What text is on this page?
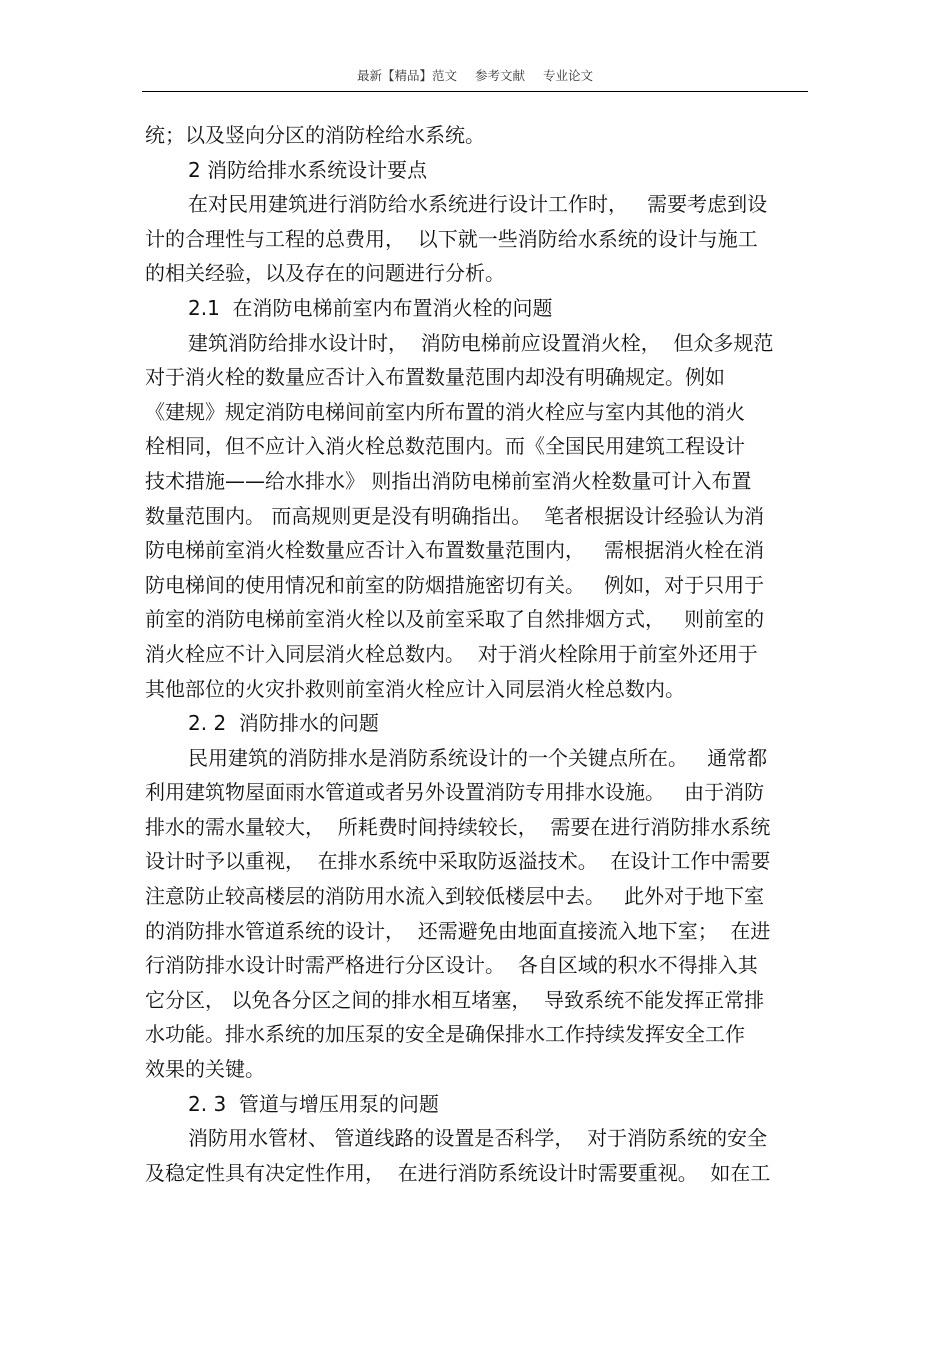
最新【精品】范文 参考文献 专业论文
统；以及竖向分区的消防栓给水系统。
2 消防给排水系统设计要点
在对民用建筑进行消防给水系统进行设计工作时，   需要考虑到设
计的合理性与工程的总费用，  以下就一些消防给水系统的设计与施工
的相关经验，以及存在的问题进行分析。
2.1  在消防电梯前室内布置消火栓的问题
建筑消防给排水设计时，  消防电梯前应设置消火栓，  但众多规范
对于消火栓的数量应否计入布置数量范围内却没有明确规定。例如
《建规》规定消防电梯间前室内所布置的消火栓应与室内其他的消火
栓相同，但不应计入消火栓总数范围内。而《全国民用建筑工程设计
技术措施——给水排水》 则指出消防电梯前室消火栓数量可计入布置
数量范围内。 而高规则更是没有明确指出。  笔者根据设计经验认为消
防电梯前室消火栓数量应否计入布置数量范围内，   需根据消火栓在消
防电梯间的使用情况和前室的防烟措施密切有关。   例如，对于只用于
前室的消防电梯前室消火栓以及前室采取了自然排烟方式，   则前室的
消火栓应不计入同层消火栓总数内。  对于消火栓除用于前室外还用于
其他部位的火灾扑救则前室消火栓应计入同层消火栓总数内。
2. 2  消防排水的问题
民用建筑的消防排水是消防系统设计的一个关键点所在。   通常都
利用建筑物屋面雨水管道或者另外设置消防专用排水设施。   由于消防
排水的需水量较大，  所耗费时间持续较长，  需要在进行消防排水系统
设计时予以重视，  在排水系统中采取防返溢技术。  在设计工作中需要
注意防止较高楼层的消防用水流入到较低楼层中去。   此外对于地下室
的消防排水管道系统的设计，  还需避免由地面直接流入地下室；  在进
行消防排水设计时需严格进行分区设计。  各自区域的积水不得排入其
它分区， 以免各分区之间的排水相互堵塞，  导致系统不能发挥正常排
水功能。排水系统的加压泵的安全是确保排水工作持续发挥安全工作
效果的关键。
2. 3  管道与增压用泵的问题
消防用水管材、 管道线路的设置是否科学，  对于消防系统的安全
及稳定性具有决定性作用，  在进行消防系统设计时需要重视。  如在工
